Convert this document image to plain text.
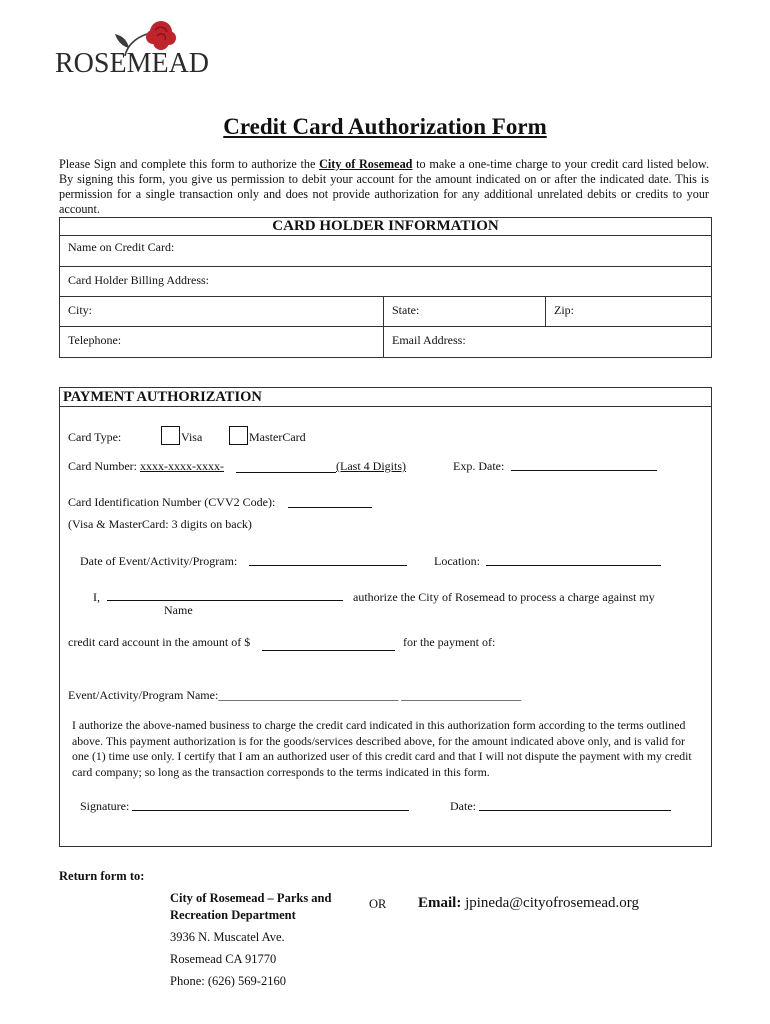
ROSEMEAD
Credit Card Authorization Form
Please Sign and complete this form to authorize the City of Rosemead to make a one-time charge to your credit card listed below. By signing this form, you give us permission to debit your account for the amount indicated on or after the indicated date. This is permission for a single transaction only and does not provide authorization for any additional unrelated debits or credits to your account.
CARD HOLDER INFORMATION
Name on Credit Card:
Card Holder Billing Address:
City:	State:	Zip:
Telephone:	Email Address:
PAYMENT AUTHORIZATION
Card Type:	Visa	MasterCard
Card Number: xxxx-xxxx-xxxx-	(Last 4 Digits)	Exp. Date:
Card Identification Number (CVV2 Code):
(Visa & MasterCard: 3 digits on back)
Date of Event/Activity/Program:	Location:
I,	authorize the City of Rosemead to process a charge against my
Name
credit card account in the amount of $	for the payment of:
Event/Activity/Program Name:______________________________ ____________________
I authorize the above-named business to charge the credit card indicated in this authorization form according to the terms outlined above. This payment authorization is for the goods/services described above, for the amount indicated above only, and is valid for one (1) time use only. I certify that I am an authorized user of this credit card and that I will not dispute the payment with my credit card company; so long as the transaction corresponds to the terms indicated in this form.
Signature:	Date:
Return form to:
City of Rosemead – Parks and
Recreation Department
3936 N. Muscatel Ave.
Rosemead CA 91770
Phone: (626) 569-2160
OR Email: jpineda@cityofrosemead.org
